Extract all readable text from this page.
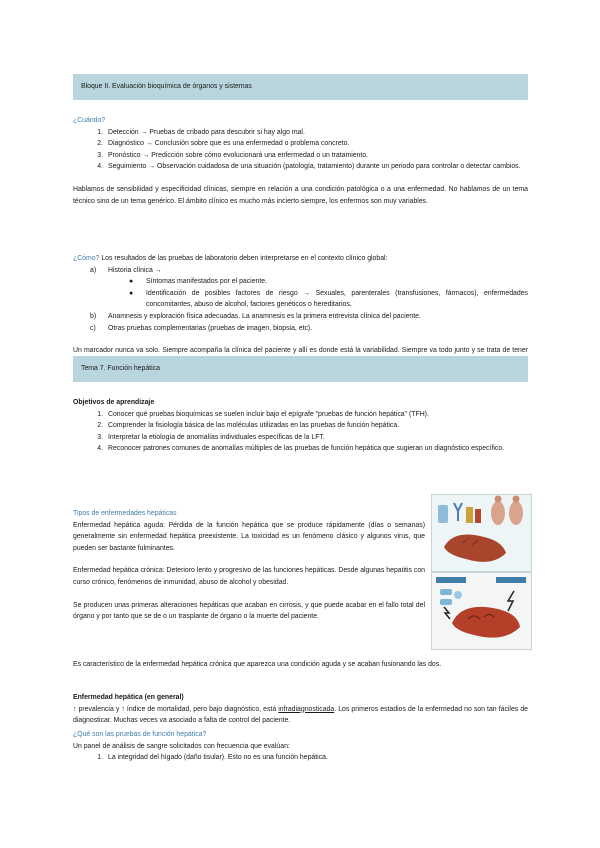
Bloque II. Evaluación bioquímica de órganos y sistemas
¿Cuándo?
1. Detección → Pruebas de cribado para descubrir si hay algo mal.
2. Diagnóstico → Conclusión sobre que es una enfermedad o problema concreto.
3. Pronóstico → Predicción sobre cómo evolucionará una enfermedad o un tratamiento.
4. Seguimiento → Observación cuidadosa de una situación (patología, tratamiento) durante un periodo para controlar o detectar cambios.
Hablamos de sensibilidad y especificidad clínicas, siempre en relación a una condición patológica o a una enfermedad. No hablamos de un tema técnico sino de un tema genérico. El ámbito clínico es mucho más incierto siempre, los enfermos son muy variables.
¿Cómo? Los resultados de las pruebas de laboratorio deben interpretarse en el contexto clínico global:
a) Historia clínica →
● Síntomas manifestados por el paciente.
● Identificación de posibles factores de riesgo → Sexuales, parenterales (transfusiones, fármacos), enfermedades concomitantes, abuso de alcohol, factores genéticos o hereditarios.
b) Anamnesis y exploración física adecuadas. La anamnesis es la primera entrevista clínica del paciente.
c) Otras pruebas complementarias (pruebas de imagen, biopsia, etc).
Un marcador nunca va solo. Siempre acompaña la clínica del paciente y allí es donde está la variabilidad. Siempre va todo junto y se trata de tener
Tema 7. Función hepática
Objetivos de aprendizaje
1. Conocer qué pruebas bioquímicas se suelen incluir bajo el epígrafe "pruebas de función hepática" (TFH).
2. Comprender la fisiología básica de las moléculas utilizadas en las pruebas de función hepática.
3. Interpretar la etiología de anomalías individuales específicas de la LFT.
4. Reconocer patrones comunes de anomalías múltiples de las pruebas de función hepática que sugieran un diagnóstico específico.
Tipos de enfermedades hepáticas
Enfermedad hepática aguda: Pérdida de la función hepática que se produce rápidamente (días o semanas) generalmente sin enfermedad hepática preexistente. La toxicidad es un fenómeno clásico y algunos virus, que pueden ser bastante fulminantes.
Enfermedad hepática crónica: Deterioro lento y progresivo de las funciones hepáticas. Desde algunas hepatitis con curso crónico, fenómenos de inmunidad, abuso de alcohol y obesidad.
Se producen unas primeras alteraciones hepáticas que acaban en cirrosis, y que puede acabar en el fallo total del órgano y por tanto que se de o un trasplante de órgano o la muerte del paciente.
Es característico de la enfermedad hepática crónica que aparezca una condición aguda y se acaban fusionando las dos.
Enfermedad hepática (en general)
↑ prevalencia y ↑ índice de mortalidad, pero bajo diagnóstico, está infradiagnosticada. Los primeros estadios de la enfermedad no son tan fáciles de diagnosticar. Muchas veces va asociado a falta de control del paciente.
¿Qué son las pruebas de función hepática?
Un panel de análisis de sangre solicitados con frecuencia que evalúan:
1. La integridad del hígado (daño tisular). Esto no es una función hepática.
